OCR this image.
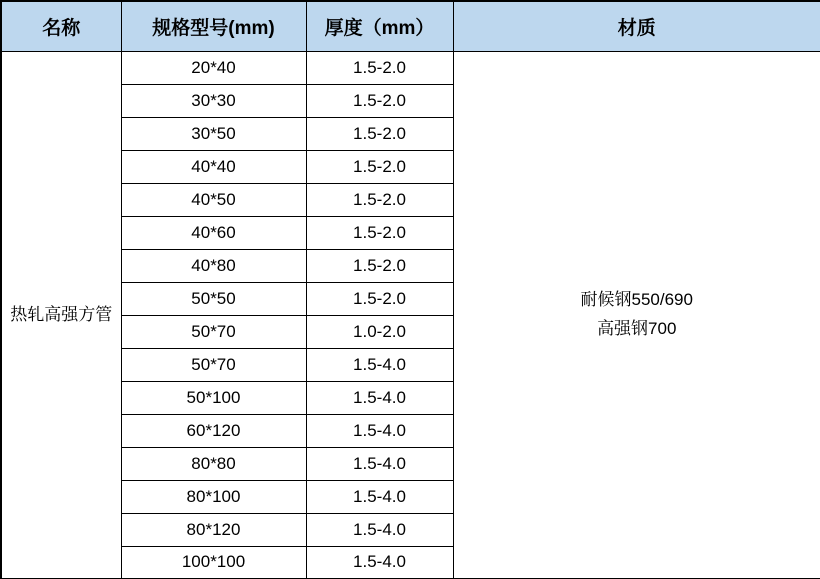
名称	规格型号(mm)	厚度（mm）	材质
热轧高强方管	20*40	1.5-2.0	耐候钢550/690
高强钢700

	30*30	1.5-2.0	
	30*50	1.5-2.0	
	40*40	1.5-2.0	
	40*50	1.5-2.0	
	40*60	1.5-2.0	
	40*80	1.5-2.0	
	50*50	1.5-2.0	
	50*70	1.0-2.0	
	50*70	1.5-4.0	
	50*100	1.5-4.0	
	60*120	1.5-4.0	
	80*80	1.5-4.0	
	80*100	1.5-4.0	
	80*120	1.5-4.0	
	100*100	1.5-4.0	
